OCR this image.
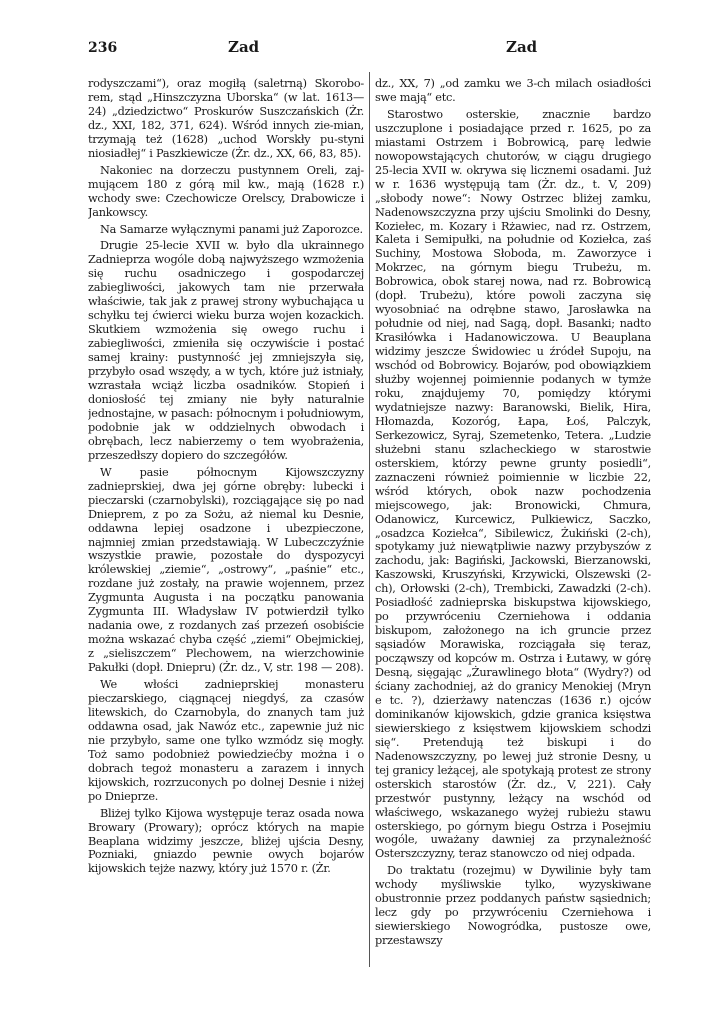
236	Zad	Zad

rodyszczami“), oraz mogiłą (saletrną) Skorobo-rem, stąd „Hinszczyzna Uborska“ (w lat. 1613—24) „dziedzictwo“ Proskurów Suszczańskich (Żr. dz., XXI, 182, 371, 624). Wśród innych zie-mian, trzymają też (1628) „uchod Worskły pu-styni niosiadłej“ i Paszkiewicze (Żr. dz., XX, 66, 83, 85).

Nakoniec na dorzeczu pustynnem Oreli, zaj-mującem 180 z górą mil kw., mają (1628 r.) wchody swe: Czechowicze Orelscy, Drabowicze i Jankowscy.

Na Samarze wyłącznymi panami już Zaporozce.

Drugie 25-lecie XVII w. było dla ukrainnego Zadnieprza wogóle dobą najwyższego wzmożenia się ruchu osadniczego i gospodarczej zabiegliwości, jakowych tam nie przerwała właściwie, tak jak z prawej strony wybuchająca u schyłku tej ćwierci wieku burza wojen kozackich. Skutkiem wzmożenia się owego ruchu i zabiegliwości, zmieniła się oczywiście i postać samej krainy: pustynność jej zmniejszyła się, przybyło osad wszędy, a w tych, które już istniały, wzrastała wciąż liczba osadników. Stopień i doniosłość tej zmiany nie były naturalnie jednostajne, w pasach: północnym i południowym, podobnie jak w oddzielnych obwodach i obrębach, lecz nabierzemy o tem wyobrażenia, przeszedłszy dopiero do szczegółów.

W pasie północnym Kijowszczyzny zadnieprskiej, dwa jej górne obręby: lubecki i pieczarski (czarnobylski), rozciągające się po nad Dnieprem, z po za Sożu, aż niemal ku Desnie, oddawna lepiej osadzone i ubezpieczone, najmniej zmian przedstawiają. W Lubeczczyźnie wszystkie prawie, pozostałe do dyspozycyi królewskiej „ziemie“, „ostrowy“, „paśnie“ etc., rozdane już zostały, na prawie wojennem, przez Zygmunta Augusta i na początku panowania Zygmunta III. Władysław IV potwierdził tylko nadania owe, z rozdanych zaś przezeń osobiście można wskazać chyba część „ziemi“ Obejmickiej, z „sieliszczem“ Plechowem, na wierzchowinie Pakułki (dopł. Dniepru) (Żr. dz., V, str. 198 — 208).

We włości zadnieprskiej monasteru pieczarskiego, ciągnącej niegdyś, za czasów litewskich, do Czarnobyla, do znanych tam już oddawna osad, jak Nawóz etc., zapewnie już nic nie przybyło, same one tylko wzmódz się mogły. Toż samo podobnież powiedziećby można i o dobrach tegoż monasteru a zarazem i innych kijowskich, rozrzuconych po dolnej Desnie i niżej po Dnieprze.

Bliżej tylko Kijowa występuje teraz osada nowa Browary (Prowary); oprócz których na mapie Beaplana widzimy jeszcze, bliżej ujścia Desny, Pozniaki, gniazdo pewnie owych bojarów kijowskich tejże nazwy, który już 1570 r. (Żr.

dz., XX, 7) „od zamku we 3-ch milach osiadłości swe mają“ etc.

Starostwo osterskie, znacznie bardzo uszczuplone i posiadające przed r. 1625, po za miastami Ostrzem i Bobrowicą, parę ledwie nowopowstających chutorów, w ciągu drugiego 25-lecia XVII w. okrywa się licznemi osadami. Już w r. 1636 występują tam (Żr. dz., t. V, 209) „słobody nowe“: Nowy Ostrzec bliżej zamku, Nadenowszczyzna przy ujściu Smolinki do Desny, Koziełec, m. Kozary i Rżawiec, nad rz. Ostrzem, Kaleta i Semipułki, na południe od Koziełca, zaś Suchiny, Mostowa Słoboda, m. Zaworzyce i Mokrzec, na górnym biegu Trubeżu, m. Bobrowica, obok starej nowa, nad rz. Bobrowicą (dopł. Trubeżu), które powoli zaczyna się wyosobniać na odrębne stawo, Jarosławka na południe od niej, nad Sagą, dopł. Basanki; nadto Krasiłówka i Hadanowiczowa. U Beauplana widzimy jeszcze Świdowiec u źródeł Supoju, na wschód od Bobrowicy. Bojarów, pod obowiązkiem służby wojennej poimiennie podanych w tymże roku, znajdujemy 70, pomiędzy którymi wydatniejsze nazwy: Baranowski, Bielik, Hira, Hłomazda, Kozoróg, Łapa, Łoś, Palczyk, Serkezowicz, Syraj, Szemetenko, Tetera. „Ludzie służebni stanu szlacheckiego w starostwie osterskiem, którzy pewne grunty posiedli“, zaznaczeni również poimiennie w liczbie 22, wśród których, obok nazw pochodzenia miejscowego, jak: Bronowicki, Chmura, Odanowicz, Kurcewicz, Pulkiewicz, Saczko, „osadzca Koziełca“, Sibilewicz, Żukiński (2-ch), spotykamy już niewątpliwie nazwy przybyszów z zachodu, jak: Bagiński, Jackowski, Bierzanowski, Kaszowski, Kruszyński, Krzywicki, Olszewski (2-ch), Orłowski (2-ch), Trembicki, Zawadzki (2-ch). Posiadłość zadnieprska biskupstwa kijowskiego, po przywróceniu Czerniehowa i oddania biskupom, założonego na ich gruncie przez sąsiadów Morawiska, rozciągała się teraz, począwszy od kopców m. Ostrza i Łutawy, w górę Desną, sięgając „Żurawlinego błota“ (Wydry?) od ściany zachodniej, aż do granicy Menokiej (Mryn e tc. ?), dzierżawy natenczas (1636 r.) ojców dominikanów kijowskich, gdzie granica księstwa siewierskiego z księstwem kijowskiem schodzi się“. Pretendują też biskupi i do Nadenowszczyzny, po lewej już stronie Desny, u tej granicy leżącej, ale spotykają protest ze strony osterskich starostów (Żr. dz., V, 221). Cały przestwór pustynny, leżący na wschód od właściwego, wskazanego wyżej rubieżu stawu osterskiego, po górnym biegu Ostrza i Posejmiu wogóle, uważany dawniej za przynależność Osterszczyzny, teraz stanowczo od niej odpada.

Do traktatu (rozejmu) w Dywilinie były tam wchody myśliwskie tylko, wyzyskiwane obustronnie przez poddanych państw sąsiednich; lecz gdy po przywróceniu Czerniehowa i siewierskiego Nowogródka, pustosze owe, przestawszy
